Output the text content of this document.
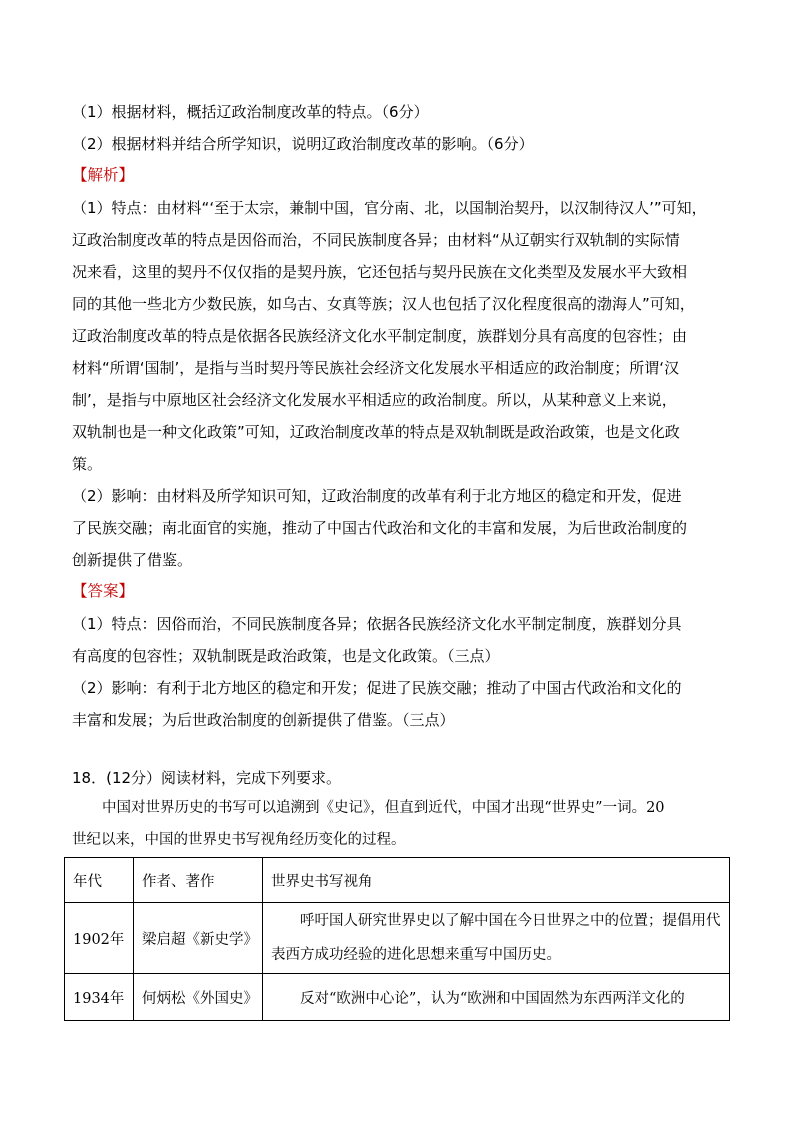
（1）根据材料，概括辽政治制度改革的特点。（6分）
（2）根据材料并结合所学知识，说明辽政治制度改革的影响。（6分）
【解析】
（1）特点：由材料“‘至于太宗，兼制中国，官分南、北，以国制治契丹，以汉制待汉人’”可知，
辽政治制度改革的特点是因俗而治，不同民族制度各异；由材料“从辽朝实行双轨制的实际情
况来看，这里的契丹不仅仅指的是契丹族，它还包括与契丹民族在文化类型及发展水平大致相
同的其他一些北方少数民族，如乌古、女真等族；汉人也包括了汉化程度很高的渤海人”可知，
辽政治制度改革的特点是依据各民族经济文化水平制定制度，族群划分具有高度的包容性；由
材料“所谓‘国制’，是指与当时契丹等民族社会经济文化发展水平相适应的政治制度；所谓‘汉
制’，是指与中原地区社会经济文化发展水平相适应的政治制度。所以，从某种意义上来说，
双轨制也是一种文化政策”可知，辽政治制度改革的特点是双轨制既是政治政策，也是文化政
策。
（2）影响：由材料及所学知识可知，辽政治制度的改革有利于北方地区的稳定和开发，促进
了民族交融；南北面官的实施，推动了中国古代政治和文化的丰富和发展，为后世政治制度的
创新提供了借鉴。
【答案】
（1）特点：因俗而治，不同民族制度各异；依据各民族经济文化水平制定制度，族群划分具
有高度的包容性；双轨制既是政治政策，也是文化政策。（三点）
（2）影响：有利于北方地区的稳定和开发；促进了民族交融；推动了中国古代政治和文化的
丰富和发展；为后世政治制度的创新提供了借鉴。（三点）
18．(12分）阅读材料，完成下列要求。
中国对世界历史的书写可以追溯到《史记》，但直到近代，中国才出现“世界史”一词。20
世纪以来，中国的世界史书写视角经历变化的过程。
年代	作者、著作	世界史书写视角
1902年	梁启超《新史学》	呼吁国人研究世界史以了解中国在今日世界之中的位置；提倡用代表西方成功经验的进化思想来重写中国历史。
1934年	何炳松《外国史》	反对“欧洲中心论”，认为“欧洲和中国固然为东西两洋文化的
